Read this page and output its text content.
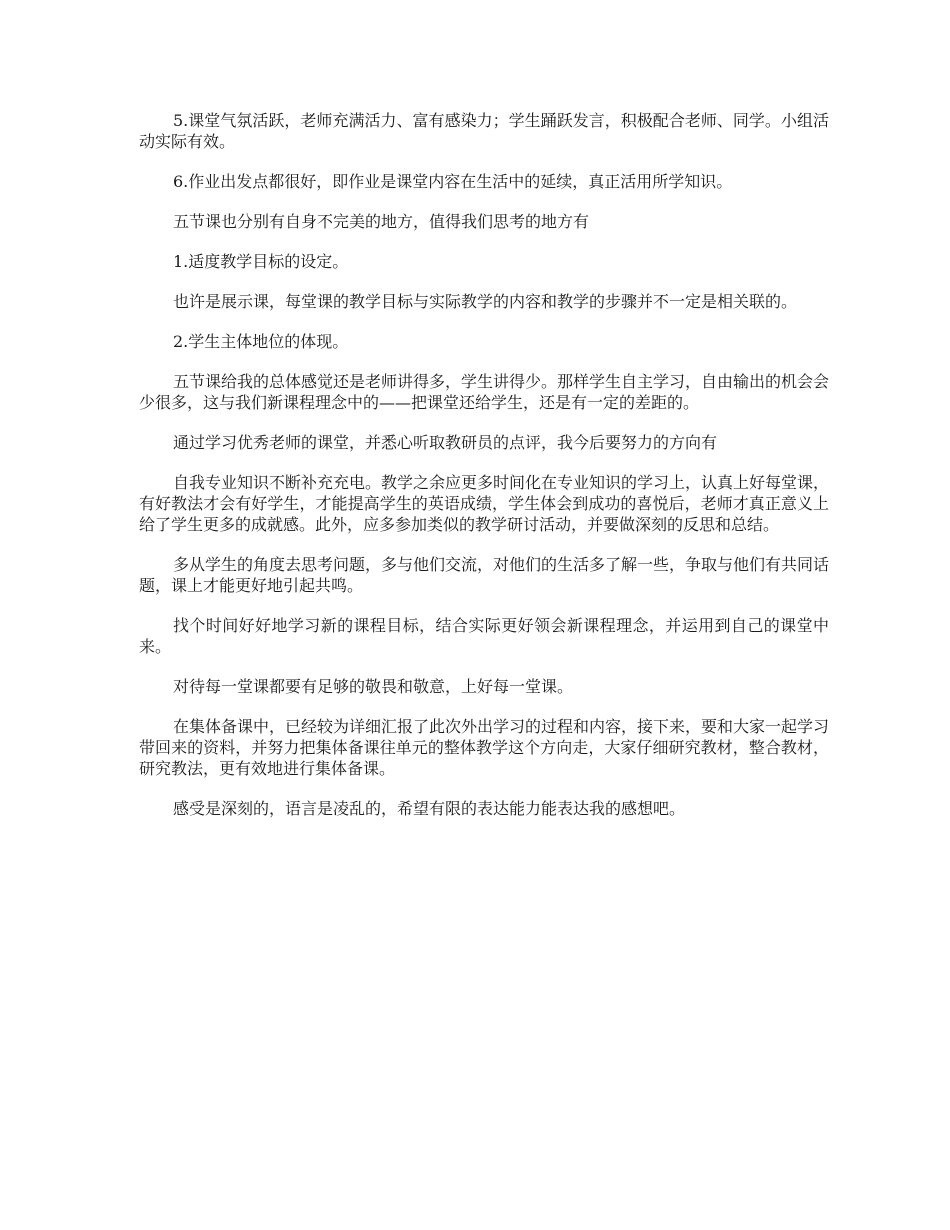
5.课堂气氛活跃，老师充满活力、富有感染力；学生踊跃发言，积极配合老师、同学。小组活动实际有效。

6.作业出发点都很好，即作业是课堂内容在生活中的延续，真正活用所学知识。

五节课也分别有自身不完美的地方，值得我们思考的地方有

1.适度教学目标的设定。

也许是展示课，每堂课的教学目标与实际教学的内容和教学的步骤并不一定是相关联的。

2.学生主体地位的体现。

五节课给我的总体感觉还是老师讲得多，学生讲得少。那样学生自主学习，自由输出的机会会少很多，这与我们新课程理念中的——把课堂还给学生，还是有一定的差距的。

通过学习优秀老师的课堂，并悉心听取教研员的点评，我今后要努力的方向有

自我专业知识不断补充充电。教学之余应更多时间化在专业知识的学习上，认真上好每堂课，有好教法才会有好学生，才能提高学生的英语成绩，学生体会到成功的喜悦后，老师才真正意义上给了学生更多的成就感。此外，应多参加类似的教学研讨活动，并要做深刻的反思和总结。

多从学生的角度去思考问题，多与他们交流，对他们的生活多了解一些，争取与他们有共同话题，课上才能更好地引起共鸣。

找个时间好好地学习新的课程目标，结合实际更好领会新课程理念，并运用到自己的课堂中来。

对待每一堂课都要有足够的敬畏和敬意，上好每一堂课。

在集体备课中，已经较为详细汇报了此次外出学习的过程和内容，接下来，要和大家一起学习带回来的资料，并努力把集体备课往单元的整体教学这个方向走，大家仔细研究教材，整合教材，研究教法，更有效地进行集体备课。

感受是深刻的，语言是凌乱的，希望有限的表达能力能表达我的感想吧。
